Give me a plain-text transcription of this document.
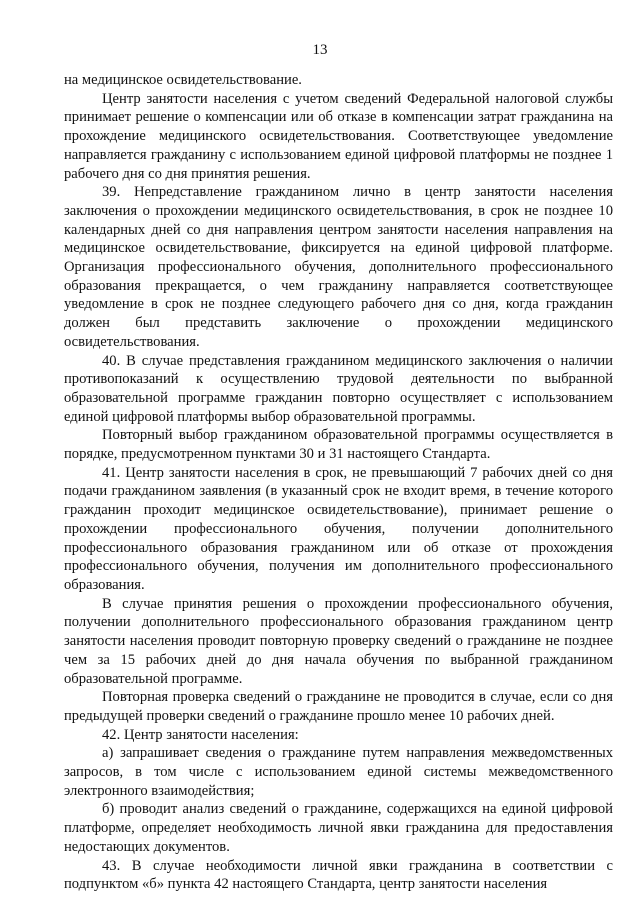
13

на медицинское освидетельствование.

Центр занятости населения с учетом сведений Федеральной налоговой службы принимает решение о компенсации или об отказе в компенсации затрат гражданина на прохождение медицинского освидетельствования. Соответствующее уведомление направляется гражданину с использованием единой цифровой платформы не позднее 1 рабочего дня со дня принятия решения.

39. Непредставление гражданином лично в центр занятости населения заключения о прохождении медицинского освидетельствования, в срок не позднее 10 календарных дней со дня направления центром занятости населения направления на медицинское освидетельствование, фиксируется на единой цифровой платформе. Организация профессионального обучения, дополнительного профессионального образования прекращается, о чем гражданину направляется соответствующее уведомление в срок не позднее следующего рабочего дня со дня, когда гражданин должен был представить заключение о прохождении медицинского освидетельствования.

40. В случае представления гражданином медицинского заключения о наличии противопоказаний к осуществлению трудовой деятельности по выбранной образовательной программе гражданин повторно осуществляет с использованием единой цифровой платформы выбор образовательной программы.

Повторный выбор гражданином образовательной программы осуществляется в порядке, предусмотренном пунктами 30 и 31 настоящего Стандарта.

41. Центр занятости населения в срок, не превышающий 7 рабочих дней со дня подачи гражданином заявления (в указанный срок не входит время, в течение которого гражданин проходит медицинское освидетельствование), принимает решение о прохождении профессионального обучения, получении дополнительного профессионального образования гражданином или об отказе от прохождения профессионального обучения, получения им дополнительного профессионального образования.

В случае принятия решения о прохождении профессионального обучения, получении дополнительного профессионального образования гражданином центр занятости населения проводит повторную проверку сведений о гражданине не позднее чем за 15 рабочих дней до дня начала обучения по выбранной гражданином образовательной программе.

Повторная проверка сведений о гражданине не проводится в случае, если со дня предыдущей проверки сведений о гражданине прошло менее 10 рабочих дней.

42. Центр занятости населения:

а) запрашивает сведения о гражданине путем направления межведомственных запросов, в том числе с использованием единой системы межведомственного электронного взаимодействия;

б) проводит анализ сведений о гражданине, содержащихся на единой цифровой платформе, определяет необходимость личной явки гражданина для предоставления недостающих документов.

43. В случае необходимости личной явки гражданина в соответствии с подпунктом «б» пункта 42 настоящего Стандарта, центр занятости населения
